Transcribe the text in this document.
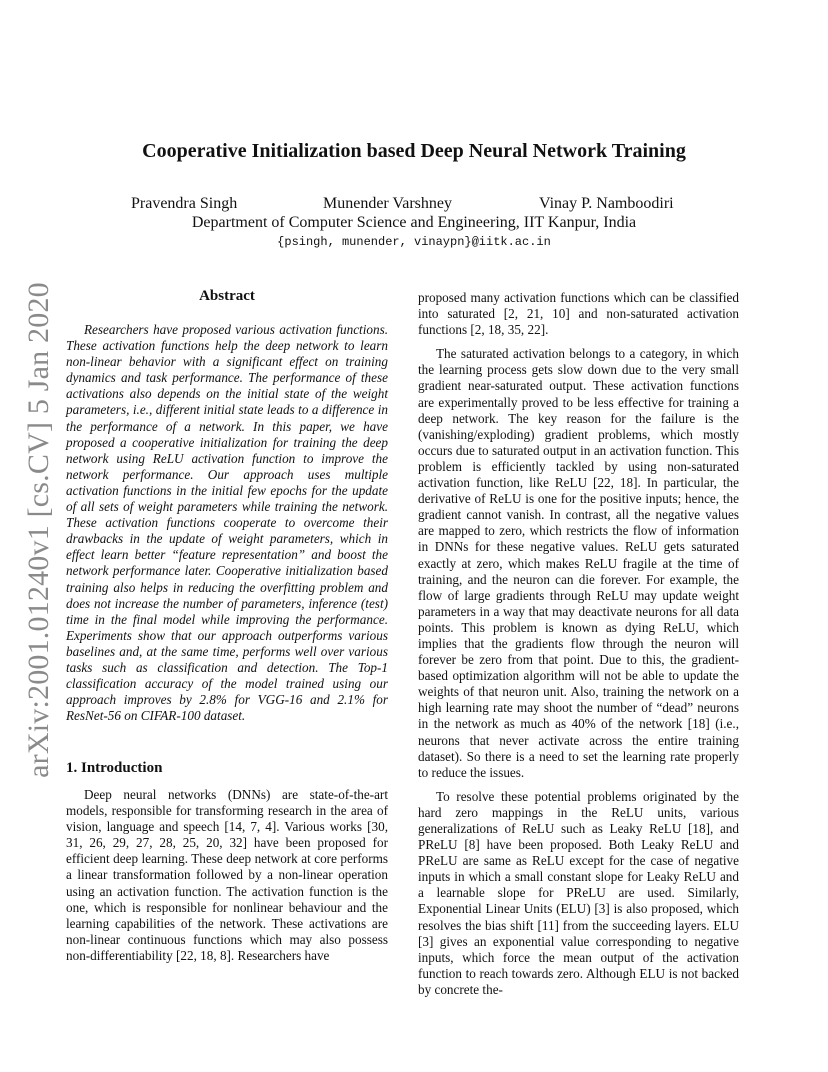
arXiv:2001.01240v1 [cs.CV] 5 Jan 2020
Cooperative Initialization based Deep Neural Network Training
Pravendra Singh	Munender Varshney	Vinay P. Namboodiri
Department of Computer Science and Engineering, IIT Kanpur, India
{psingh, munender, vinaypn}@iitk.ac.in
Abstract

Researchers have proposed various activation functions. These activation functions help the deep network to learn non-linear behavior with a significant effect on training dynamics and task performance. The performance of these activations also depends on the initial state of the weight parameters, i.e., different initial state leads to a difference in the performance of a network. In this paper, we have proposed a cooperative initialization for training the deep network using ReLU activation function to improve the network performance. Our approach uses multiple activation functions in the initial few epochs for the update of all sets of weight parameters while training the network. These activation functions cooperate to overcome their drawbacks in the update of weight parameters, which in effect learn better “feature representation” and boost the network performance later. Cooperative initialization based training also helps in reducing the overfitting problem and does not increase the number of parameters, inference (test) time in the final model while improving the performance. Experiments show that our approach outperforms various baselines and, at the same time, performs well over various tasks such as classification and detection. The Top-1 classification accuracy of the model trained using our approach improves by 2.8% for VGG-16 and 2.1% for ResNet-56 on CIFAR-100 dataset.

1. Introduction

Deep neural networks (DNNs) are state-of-the-art models, responsible for transforming research in the area of vision, language and speech [14, 7, 4]. Various works [30, 31, 26, 29, 27, 28, 25, 20, 32] have been proposed for efficient deep learning. These deep network at core performs a linear transformation followed by a non-linear operation using an activation function. The activation function is the one, which is responsible for nonlinear behaviour and the learning capabilities of the network. These activations are non-linear continuous functions which may also possess non-differentiability [22, 18, 8]. Researchers have

proposed many activation functions which can be classified into saturated [2, 21, 10] and non-saturated activation functions [2, 18, 35, 22].

The saturated activation belongs to a category, in which the learning process gets slow down due to the very small gradient near-saturated output. These activation functions are experimentally proved to be less effective for training a deep network. The key reason for the failure is the (vanishing/exploding) gradient problems, which mostly occurs due to saturated output in an activation function. This problem is efficiently tackled by using non-saturated activation function, like ReLU [22, 18]. In particular, the derivative of ReLU is one for the positive inputs; hence, the gradient cannot vanish. In contrast, all the negative values are mapped to zero, which restricts the flow of information in DNNs for these negative values. ReLU gets saturated exactly at zero, which makes ReLU fragile at the time of training, and the neuron can die forever. For example, the flow of large gradients through ReLU may update weight parameters in a way that may deactivate neurons for all data points. This problem is known as dying ReLU, which implies that the gradients flow through the neuron will forever be zero from that point. Due to this, the gradient-based optimization algorithm will not be able to update the weights of that neuron unit. Also, training the network on a high learning rate may shoot the number of “dead” neurons in the network as much as 40% of the network [18] (i.e., neurons that never activate across the entire training dataset). So there is a need to set the learning rate properly to reduce the issues.

To resolve these potential problems originated by the hard zero mappings in the ReLU units, various generalizations of ReLU such as Leaky ReLU [18], and PReLU [8] have been proposed. Both Leaky ReLU and PReLU are same as ReLU except for the case of negative inputs in which a small constant slope for Leaky ReLU and a learnable slope for PReLU are used. Similarly, Exponential Linear Units (ELU) [3] is also proposed, which resolves the bias shift [11] from the succeeding layers. ELU [3] gives an exponential value corresponding to negative inputs, which force the mean output of the activation function to reach towards zero. Although ELU is not backed by concrete the-
